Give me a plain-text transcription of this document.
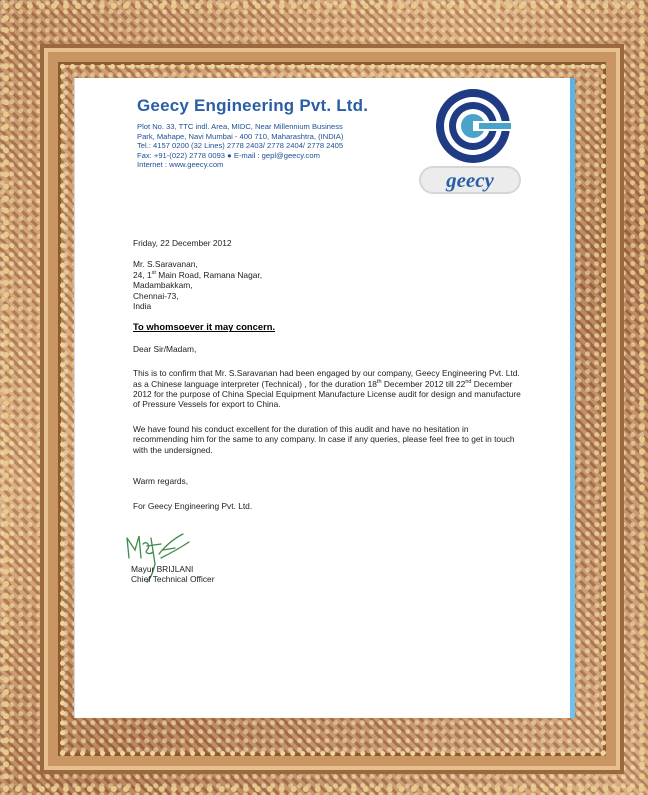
Geecy Engineering Pvt. Ltd.
Plot No. 33, TTC indl. Area, MIDC, Near Millennium Business
Park, Mahape, Navi Mumbai - 400 710, Maharashtra, (INDIA)
Tel.: 4157 0200 (32 Lines) 2778 2403/ 2778 2404/ 2778 2405
Fax: +91-(022) 2778 0093 ● E-mail : gepl@geecy.com
Internet : www.geecy.com
geecy
Friday, 22 December 2012
Mr. S.Saravanan,
24, 1st Main Road, Ramana Nagar,
Madambakkam,
Chennai-73,
India
To whomsoever it may concern.
Dear Sir/Madam,

This is to confirm that Mr. S.Saravanan had been engaged by our company, Geecy Engineering Pvt. Ltd. as a Chinese language interpreter (Technical) , for the duration 18th December 2012 till 22nd December 2012 for the purpose of China Special Equipment Manufacture License audit for design and manufacture of Pressure Vessels for export to China.

We have found his conduct excellent for the duration of this audit and have no hesitation in recommending him for the same to any company. In case if any queries, please feel free to get in touch with the undersigned.

Warm regards,
For Geecy Engineering Pvt. Ltd.
Mayur BRIJLANI
Chief Technical Officer
